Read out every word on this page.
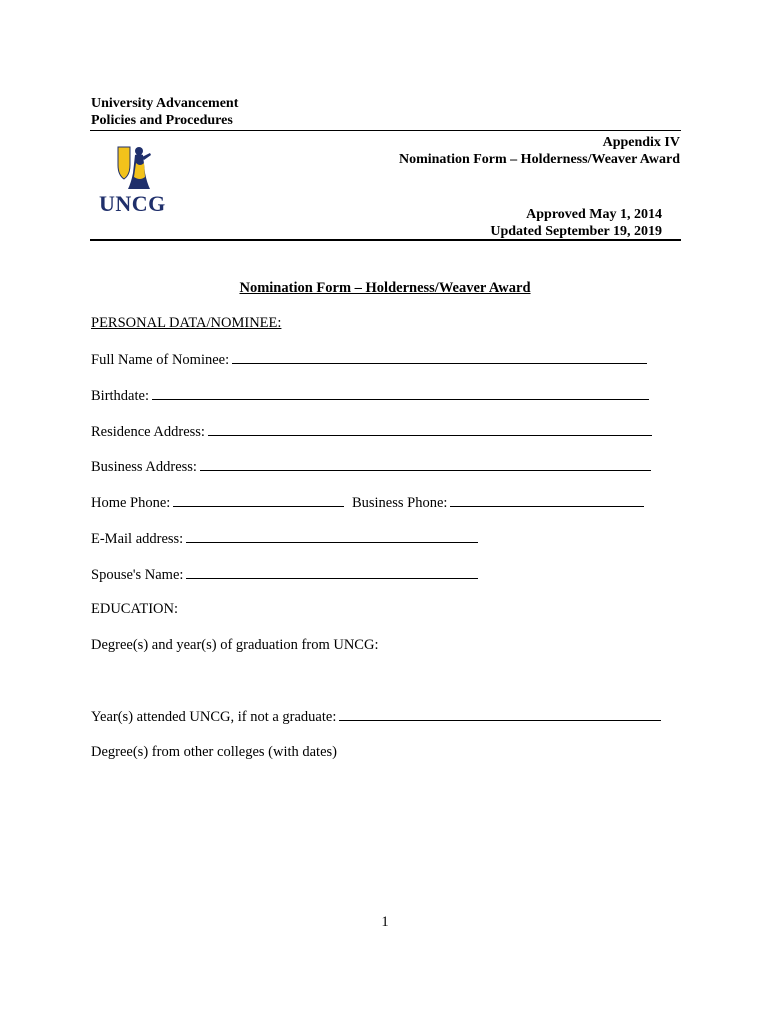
University Advancement
Policies and Procedures
Appendix IV
Nomination Form – Holderness/Weaver Award
UNCG	Approved May 1, 2014
Updated September 19, 2019
Nomination Form – Holderness/Weaver Award
PERSONAL DATA/NOMINEE:
Full Name of Nominee:
Birthdate:
Residence Address:
Business Address:
Home Phone:	Business Phone:
E-Mail address:
Spouse's Name:
EDUCATION:
Degree(s) and year(s) of graduation from UNCG:
Year(s) attended UNCG, if not a graduate:
Degree(s) from other colleges (with dates)
1
